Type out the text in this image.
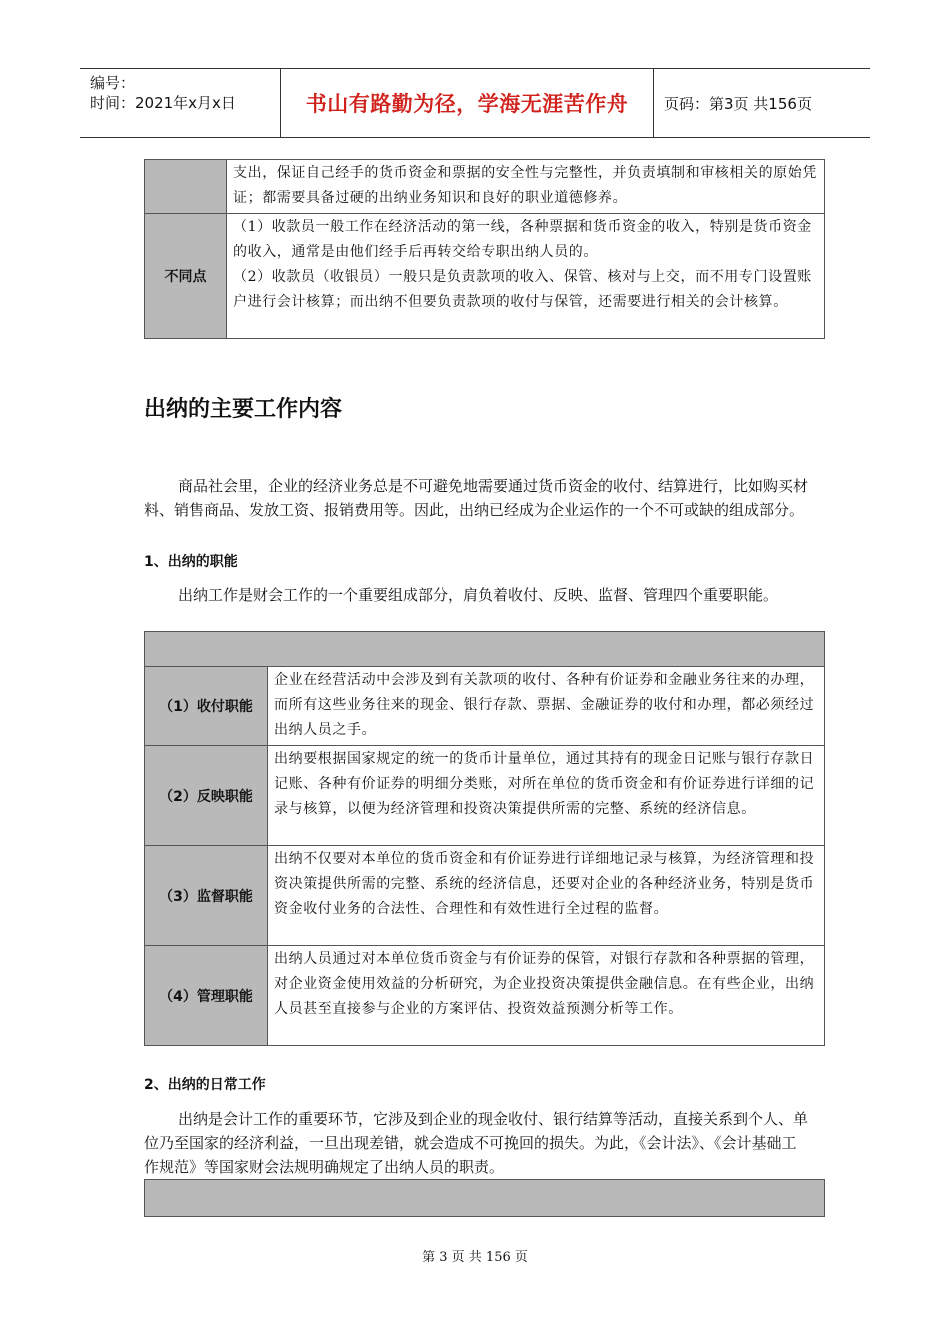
编号：
时间：2021年x月x日	书山有路勤为径，学海无涯苦作舟	页码：第3页 共156页
	支出，保证自己经手的货币资金和票据的安全性与完整性，并负责填制和审核相关的原始凭证；都需要具备过硬的出纳业务知识和良好的职业道德修养。
不同点	（1）收款员一般工作在经济活动的第一线，各种票据和货币资金的收入，特别是货币资金的收入，通常是由他们经手后再转交给专职出纳人员的。
（2）收款员（收银员）一般只是负责款项的收入、保管、核对与上交，而不用专门设置账户进行会计核算；而出纳不但要负责款项的收付与保管，还需要进行相关的会计核算。
出纳的主要工作内容
商品社会里，企业的经济业务总是不可避免地需要通过货币资金的收付、结算进行，比如购买材料、销售商品、发放工资、报销费用等。因此，出纳已经成为企业运作的一个不可或缺的组成部分。
1、出纳的职能
出纳工作是财会工作的一个重要组成部分，肩负着收付、反映、监督、管理四个重要职能。

（1）收付职能	企业在经营活动中会涉及到有关款项的收付、各种有价证券和金融业务往来的办理，而所有这些业务往来的现金、银行存款、票据、金融证券的收付和办理，都必须经过出纳人员之手。
（2）反映职能	出纳要根据国家规定的统一的货币计量单位，通过其持有的现金日记账与银行存款日记账、各种有价证券的明细分类账，对所在单位的货币资金和有价证券进行详细的记录与核算，以便为经济管理和投资决策提供所需的完整、系统的经济信息。
（3）监督职能	出纳不仅要对本单位的货币资金和有价证券进行详细地记录与核算，为经济管理和投资决策提供所需的完整、系统的经济信息，还要对企业的各种经济业务，特别是货币资金收付业务的合法性、合理性和有效性进行全过程的监督。
（4）管理职能	出纳人员通过对本单位货币资金与有价证券的保管，对银行存款和各种票据的管理，对企业资金使用效益的分析研究，为企业投资决策提供金融信息。在有些企业，出纳人员甚至直接参与企业的方案评估、投资效益预测分析等工作。
2、出纳的日常工作
出纳是会计工作的重要环节，它涉及到企业的现金收付、银行结算等活动，直接关系到个人、单位乃至国家的经济利益，一旦出现差错，就会造成不可挽回的损失。为此，《会计法》、《会计基础工作规范》等国家财会法规明确规定了出纳人员的职责。
第 3 页 共 156 页
